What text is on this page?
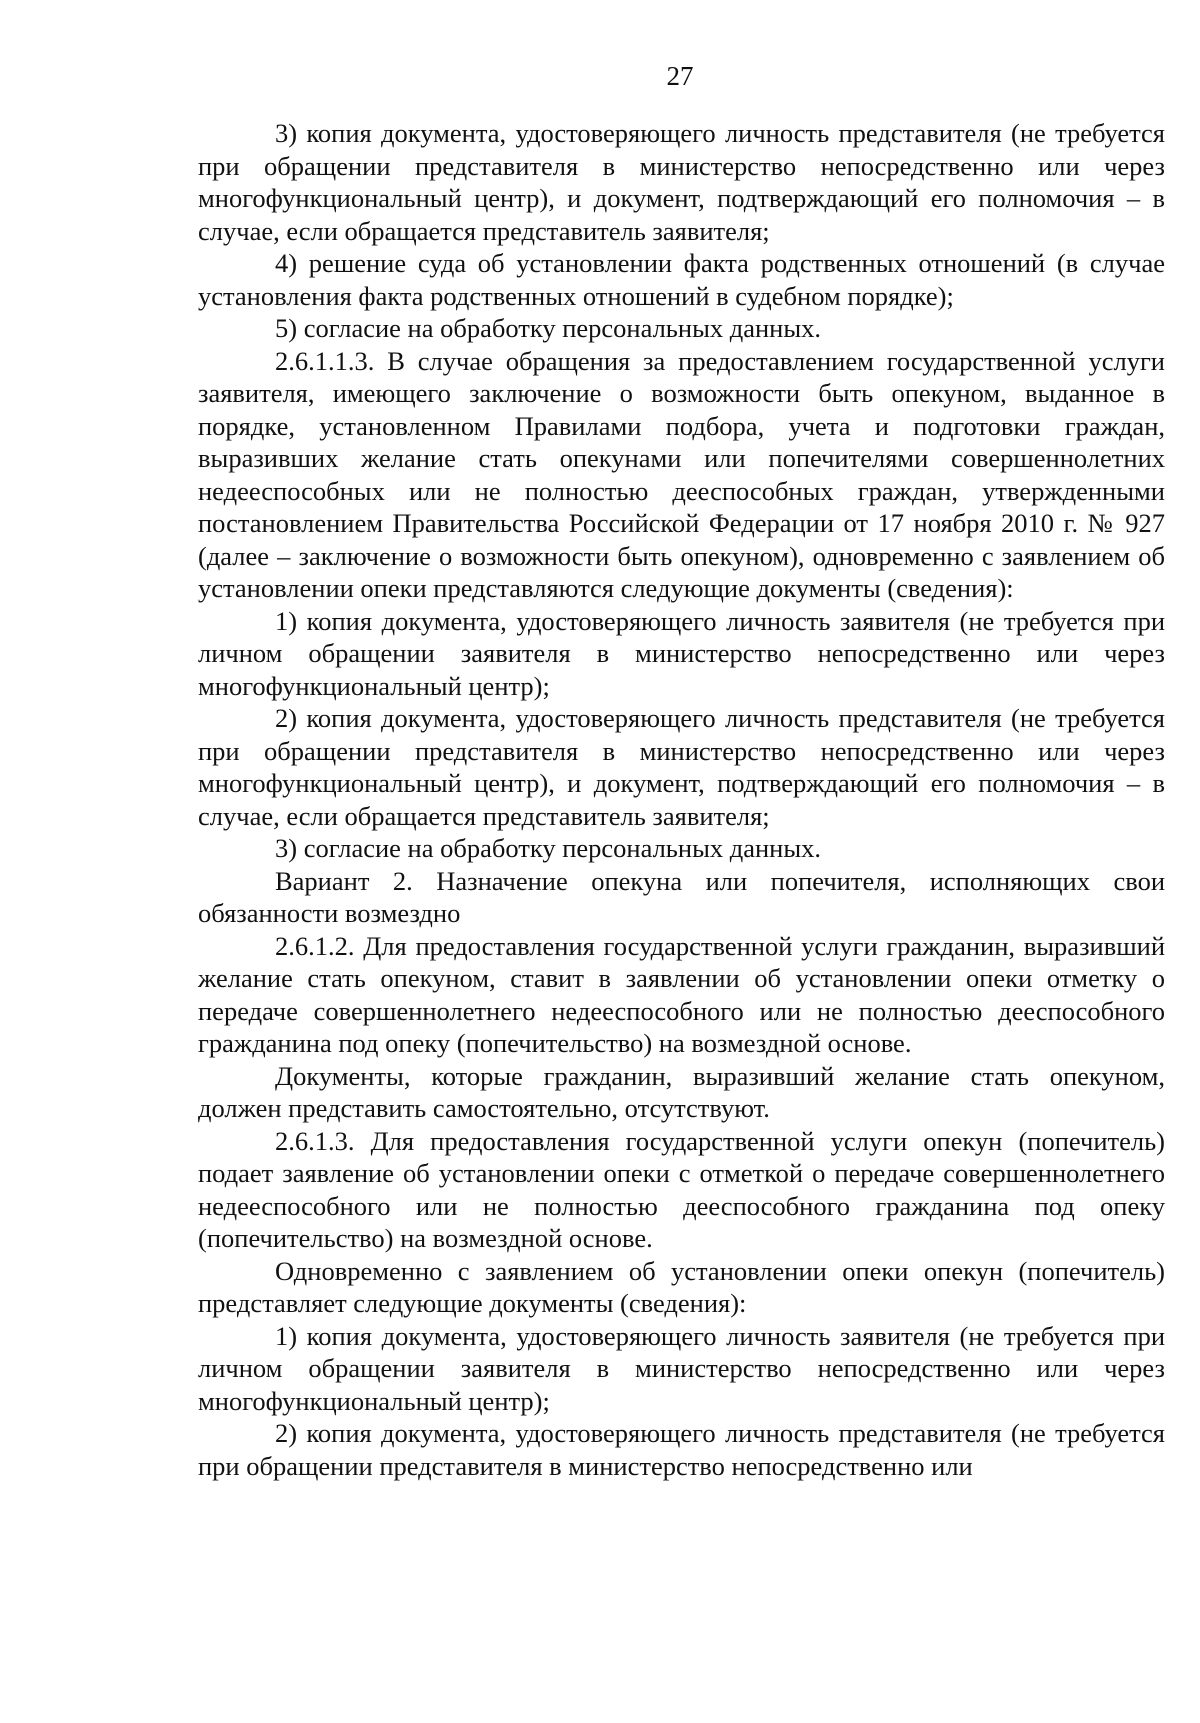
27

3) копия документа, удостоверяющего личность представителя (не требуется при обращении представителя в министерство непосредственно или через многофункциональный центр), и документ, подтверждающий его полномочия – в случае, если обращается представитель заявителя;

4) решение суда об установлении факта родственных отношений (в случае установления факта родственных отношений в судебном порядке);

5) согласие на обработку персональных данных.

2.6.1.1.3. В случае обращения за предоставлением государственной услуги заявителя, имеющего заключение о возможности быть опекуном, выданное в порядке, установленном Правилами подбора, учета и подготовки граждан, выразивших желание стать опекунами или попечителями совершеннолетних недееспособных или не полностью дееспособных граждан, утвержденными постановлением Правительства Российской Федерации от 17 ноября 2010 г. № 927 (далее – заключение о возможности быть опекуном), одновременно с заявлением об установлении опеки представляются следующие документы (сведения):

1) копия документа, удостоверяющего личность заявителя (не требуется при личном обращении заявителя в министерство непосредственно или через многофункциональный центр);

2) копия документа, удостоверяющего личность представителя (не требуется при обращении представителя в министерство непосредственно или через многофункциональный центр), и документ, подтверждающий его полномочия – в случае, если обращается представитель заявителя;

3) согласие на обработку персональных данных.

Вариант 2. Назначение опекуна или попечителя, исполняющих свои обязанности возмездно

2.6.1.2. Для предоставления государственной услуги гражданин, выразивший желание стать опекуном, ставит в заявлении об установлении опеки отметку о передаче совершеннолетнего недееспособного или не полностью дееспособного гражданина под опеку (попечительство) на возмездной основе.

Документы, которые гражданин, выразивший желание стать опекуном, должен представить самостоятельно, отсутствуют.

2.6.1.3. Для предоставления государственной услуги опекун (попечитель) подает заявление об установлении опеки с отметкой о передаче совершеннолетнего недееспособного или не полностью дееспособного гражданина под опеку (попечительство) на возмездной основе.

Одновременно с заявлением об установлении опеки опекун (попечитель) представляет следующие документы (сведения):

1) копия документа, удостоверяющего личность заявителя (не требуется при личном обращении заявителя в министерство непосредственно или через многофункциональный центр);

2) копия документа, удостоверяющего личность представителя (не требуется при обращении представителя в министерство непосредственно или
